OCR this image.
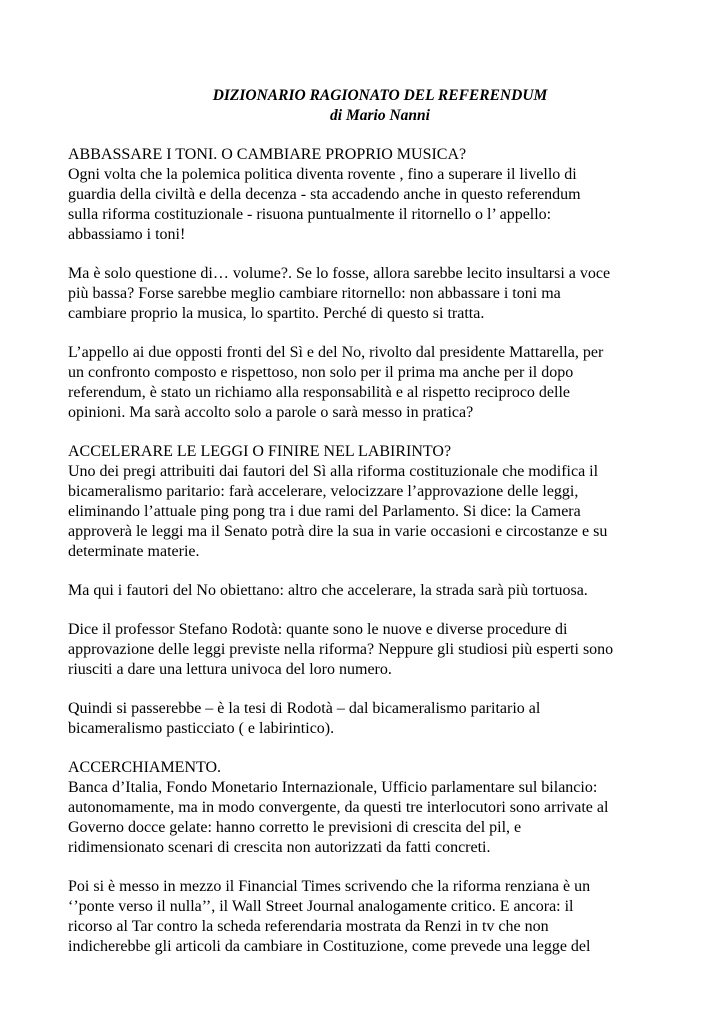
DIZIONARIO RAGIONATO DEL REFERENDUM
di Mario Nanni

ABBASSARE I TONI. O CAMBIARE PROPRIO MUSICA?
Ogni volta che la polemica politica diventa rovente , fino a superare il livello di
guardia della civiltà e della decenza - sta accadendo anche in questo referendum
sulla riforma costituzionale - risuona puntualmente il ritornello o l’ appello:
abbassiamo i toni!

Ma è solo questione di… volume?. Se lo fosse, allora sarebbe lecito insultarsi a voce
più bassa? Forse sarebbe meglio cambiare ritornello: non abbassare i toni ma
cambiare proprio la musica, lo spartito. Perché di questo si tratta.

L’appello ai due opposti fronti del Sì e del No, rivolto dal presidente Mattarella, per
un confronto composto e rispettoso, non solo per il prima ma anche per il dopo
referendum, è stato un richiamo alla responsabilità e al rispetto reciproco delle
opinioni. Ma sarà accolto solo a parole o sarà messo in pratica?

ACCELERARE LE LEGGI O FINIRE NEL LABIRINTO?
Uno dei pregi attribuiti dai fautori del Sì alla riforma costituzionale che modifica il
bicameralismo paritario: farà accelerare, velocizzare l’approvazione delle leggi,
eliminando l’attuale ping pong tra i due rami del Parlamento. Si dice: la Camera
approverà le leggi ma il Senato potrà dire la sua in varie occasioni e circostanze e su
determinate materie.

Ma qui i fautori del No obiettano: altro che accelerare, la strada sarà più tortuosa.

Dice il professor Stefano Rodotà: quante sono le nuove e diverse procedure di
approvazione delle leggi previste nella riforma? Neppure gli studiosi più esperti sono
riusciti a dare una lettura univoca del loro numero.

Quindi si passerebbe – è la tesi di Rodotà – dal bicameralismo paritario al
bicameralismo pasticciato ( e labirintico).

ACCERCHIAMENTO.
Banca d’Italia, Fondo Monetario Internazionale, Ufficio parlamentare sul bilancio:
autonomamente, ma in modo convergente, da questi tre interlocutori sono arrivate al
Governo docce gelate: hanno corretto le previsioni di crescita del pil, e
ridimensionato scenari di crescita non autorizzati da fatti concreti.

Poi si è messo in mezzo il Financial Times scrivendo che la riforma renziana è un
‘’ponte verso il nulla’’, il Wall Street Journal analogamente critico. E ancora: il
ricorso al Tar contro la scheda referendaria mostrata da Renzi in tv che non
indicherebbe gli articoli da cambiare in Costituzione, come prevede una legge del
